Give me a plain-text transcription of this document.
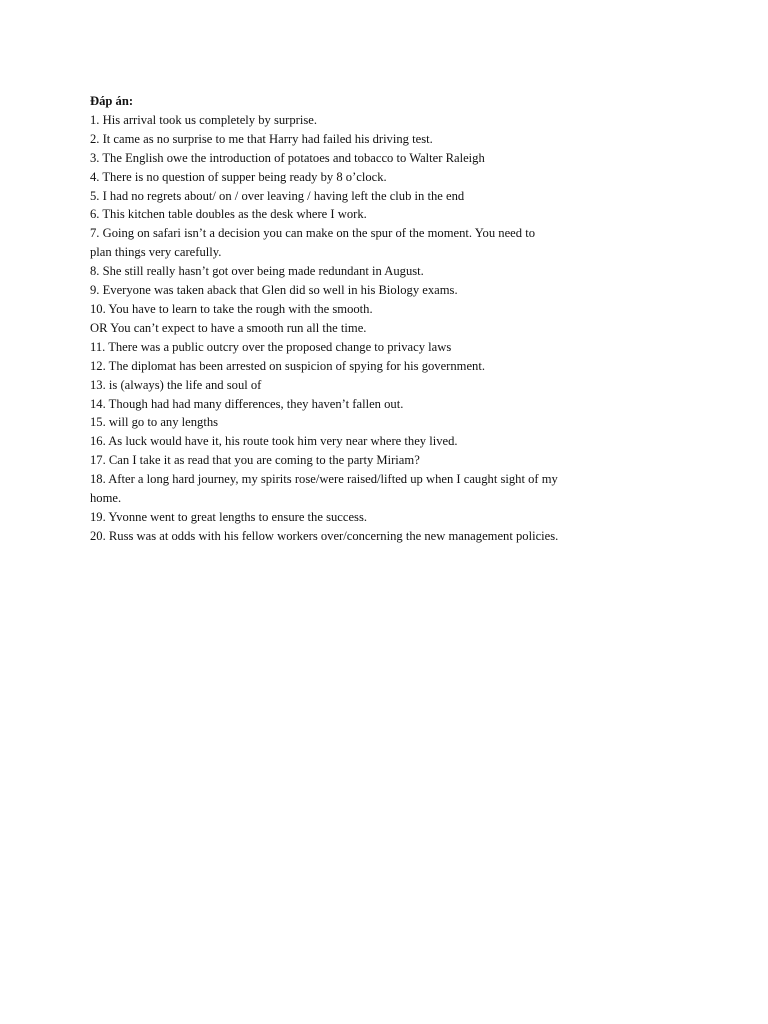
Đáp án:

1. His arrival took us completely by surprise.

2. It came as no surprise to me that Harry had failed his driving test.

3. The English owe the introduction of potatoes and tobacco to Walter Raleigh

4. There is no question of supper being ready by 8 o’clock.

5. I had no regrets about/ on / over leaving / having left the club in the end

6. This kitchen table doubles as the desk where I work.

7. Going on safari isn’t a decision you can make on the spur of the moment. You need to

plan things very carefully.

8. She still really hasn’t got over being made redundant in August.

9. Everyone was taken aback that Glen did so well in his Biology exams.

10. You have to learn to take the rough with the smooth.

OR You can’t expect to have a smooth run all the time.

11. There was a public outcry over the proposed change to privacy laws

12. The diplomat has been arrested on suspicion of spying for his government.

13. is (always) the life and soul of

14. Though had had many differences, they haven’t fallen out.

15. will go to any lengths

16. As luck would have it, his route took him very near where they lived.

17. Can I take it as read that you are coming to the party Miriam?

18. After a long hard journey, my spirits rose/were raised/lifted up when I caught sight of my

home.

19. Yvonne went to great lengths to ensure the success.

20. Russ was at odds with his fellow workers over/concerning the new management policies.
